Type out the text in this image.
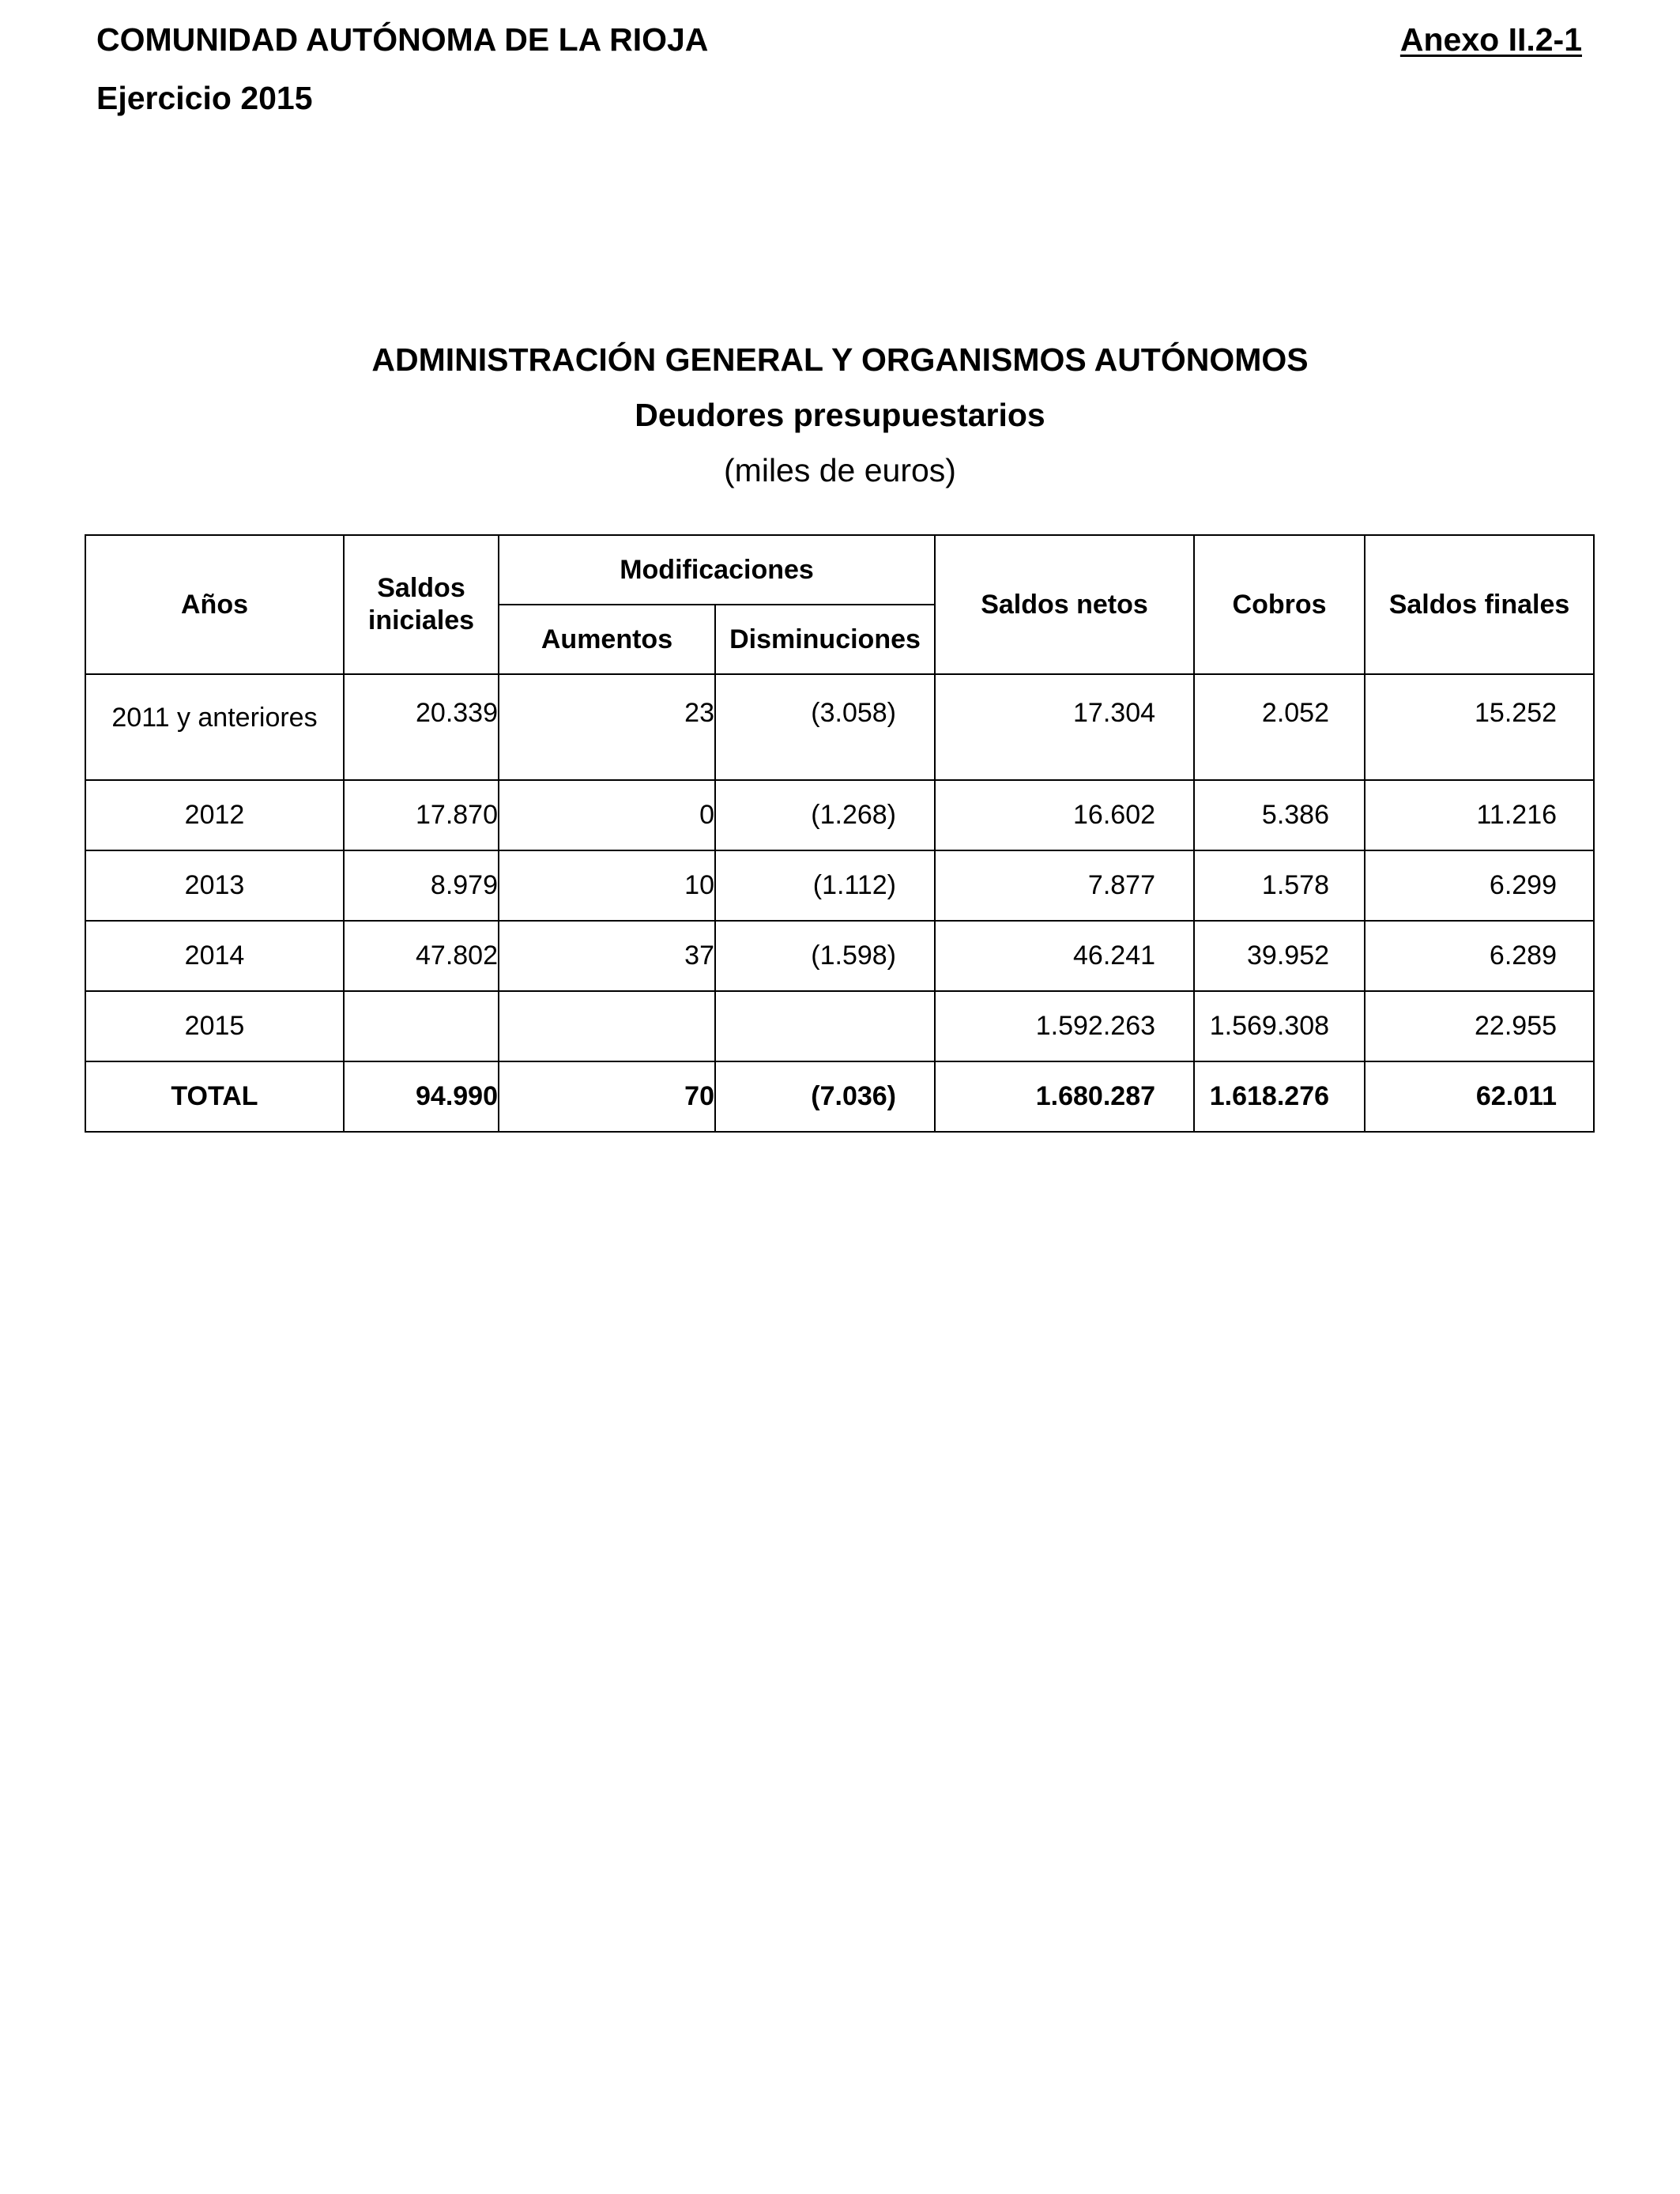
COMUNIDAD AUTÓNOMA DE LA RIOJA
Ejercicio 2015
Anexo II.2-1
ADMINISTRACIÓN GENERAL Y ORGANISMOS AUTÓNOMOS
Deudores presupuestarios
(miles de euros)
Años	Saldos iniciales	Modificaciones		Saldos netos	Cobros	Saldos finales
		Aumentos	Disminuciones			
2011 y anteriores	20.339	23	(3.058)	17.304	2.052	15.252
2012	17.870	0	(1.268)	16.602	5.386	11.216
2013	8.979	10	(1.112)	7.877	1.578	6.299
2014	47.802	37	(1.598)	46.241	39.952	6.289
2015				1.592.263	1.569.308	22.955
TOTAL	94.990	70	(7.036)	1.680.287	1.618.276	62.011
